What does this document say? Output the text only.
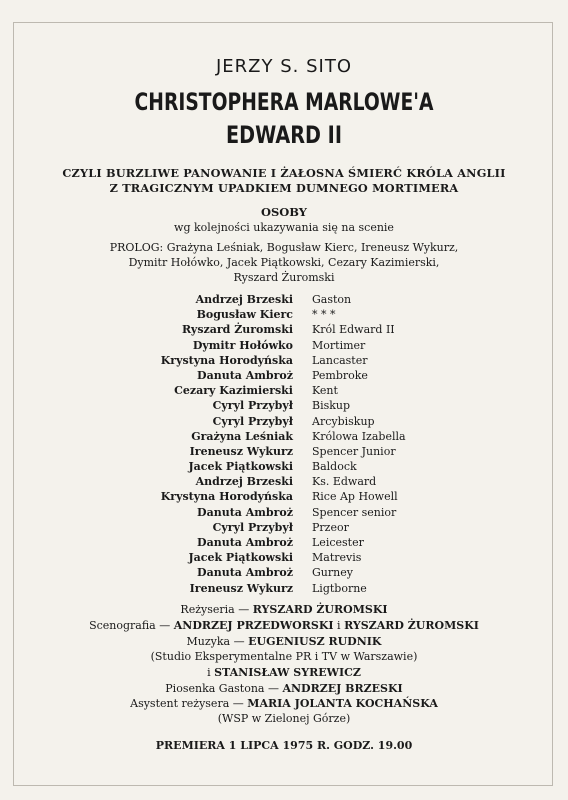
JERZY S. SITO
CHRISTOPHERA MARLOWE'A
EDWARD II
CZYLI BURZLIWE PANOWANIE I ŻAŁOSNA ŚMIERĆ KRÓLA ANGLII
Z TRAGICZNYM UPADKIEM DUMNEGO MORTIMERA
OSOBY
wg kolejności ukazywania się na scenie
PROLOG: Grażyna Leśniak, Bogusław Kierc, Ireneusz Wykurz,
Dymitr Hołówko, Jacek Piątkowski, Cezary Kazimierski,
Ryszard Żuromski
Andrzej Brzeski Gaston
Bogusław Kierc * * *
Ryszard Żuromski Król Edward II
Dymitr Hołówko Mortimer
Krystyna Horodyńska Lancaster
Danuta Ambroż Pembroke
Cezary Kazimierski Kent
Cyryl Przybył Biskup
Cyryl Przybył Arcybiskup
Grażyna Leśniak Królowa Izabella
Ireneusz Wykurz Spencer Junior
Jacek Piątkowski Baldock
Andrzej Brzeski Ks. Edward
Krystyna Horodyńska Rice Ap Howell
Danuta Ambroż Spencer senior
Cyryl Przybył Przeor
Danuta Ambroż Leicester
Jacek Piątkowski Matrevis
Danuta Ambroż Gurney
Ireneusz Wykurz Ligtborne
Reżyseria — RYSZARD ŻUROMSKI
Scenografia — ANDRZEJ PRZEDWORSKI i RYSZARD ŻUROMSKI
Muzyka — EUGENIUSZ RUDNIK
(Studio Eksperymentalne PR i TV w Warszawie)
i STANISŁAW SYREWICZ
Piosenka Gastona — ANDRZEJ BRZESKI
Asystent reżysera — MARIA JOLANTA KOCHAŃSKA
(WSP w Zielonej Górze)
PREMIERA 1 LIPCA 1975 R. GODZ. 19.00
